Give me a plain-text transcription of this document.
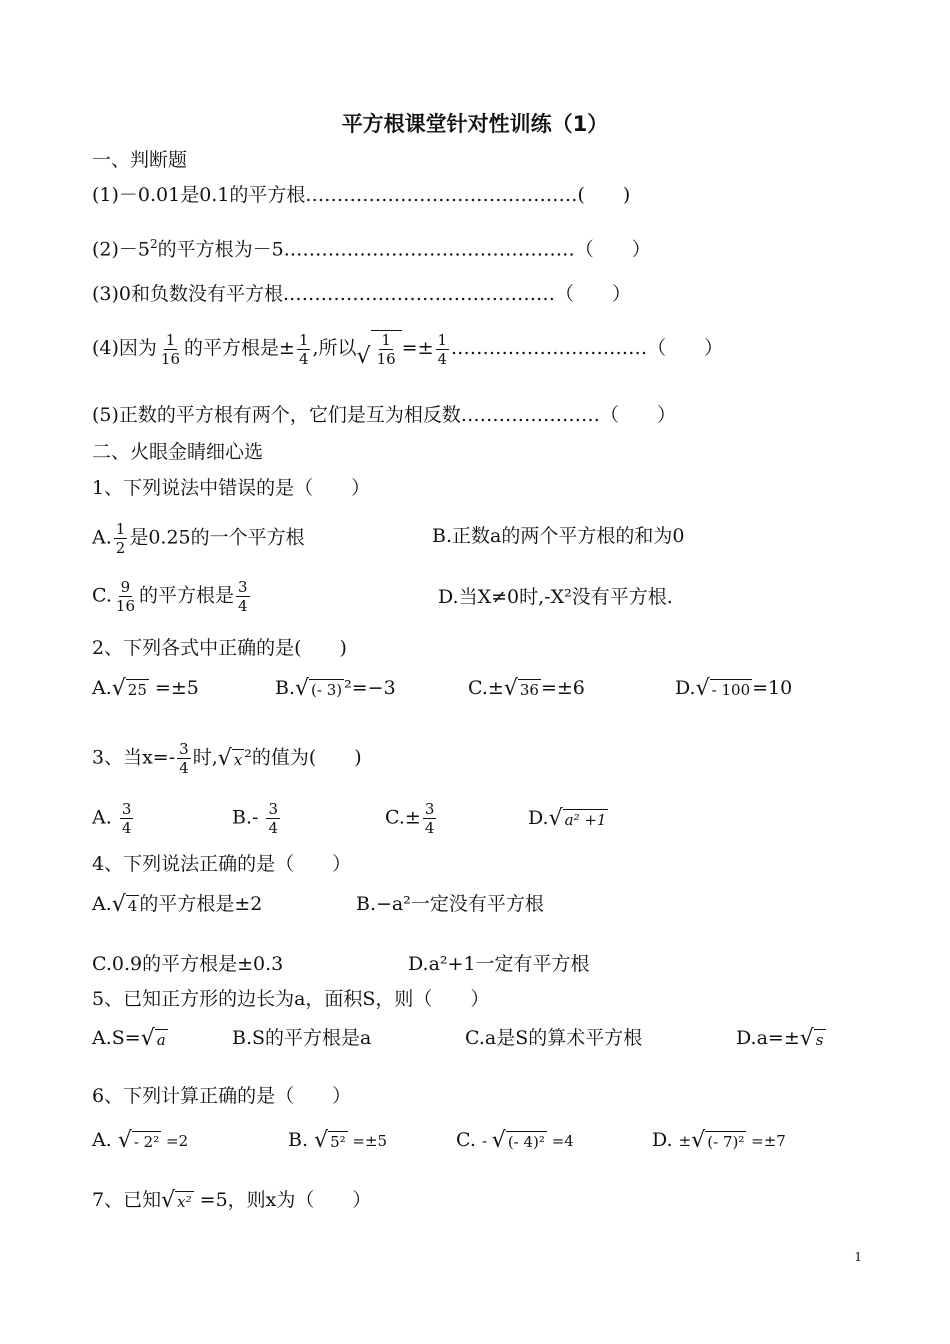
平方根课堂针对性训练（1）
一、判断题
(1)－0.01是0.1的平方根.……………………………………(　　)
$(2)-5^2$的平方根为－5.………………………………………（　　）
(3)0和负数没有平方根.……………………………………（　　）
(4)因为 $\frac{1}{16}$ 的平方根是± $\frac{1}{4}$ ,所以 √ $\frac{1}{16} =\pm \frac{1}{4}$ .…………………………（　　）
(5)正数的平方根有两个，它们是互为相反数.…………………（　　）
二、火眼金睛细心选
1、下列说法中错误的是（　　）
A. $\frac{1}{2}$ 是0.25的一个平方根	B.正数a的两个平方根的和为0
C. $\frac{9}{16}$ 的平方根是 $\frac{3}{4}$	D.当X≠0时,-X²没有平方根.
2、下列各式中正确的是(　　)
A. √ 25 =±5	B. √ (- 3) ²=−3	C.± √ 36 =±6	D. √ - 100 =10
3、当$x=- \frac{3}{4}$ 时, √ x ²的值为(　　)
A. $\frac{3}{4}$	$B.- \frac{3}{4}$	$C.\pm \frac{3}{4}$	D. √ a² +1
4、下列说法正确的是（　　）
A. √ 4 的平方根是±2	B.−a²一定没有平方根
C.0.9的平方根是±0.3	D.a²+1一定有平方根
5、已知正方形的边长为a，面积S，则（　　）
A.S= √ a	B.S的平方根是a	C.a是S的算术平方根	D.a=± √ s
6、下列计算正确的是（　　）
A. √ - 2² =2	B. √ 5² =±5	C. - √ (- 4)² =4	D. ± √ (- 7)² =±7
7、已知 √ x² =5，则x为（　　）
1
